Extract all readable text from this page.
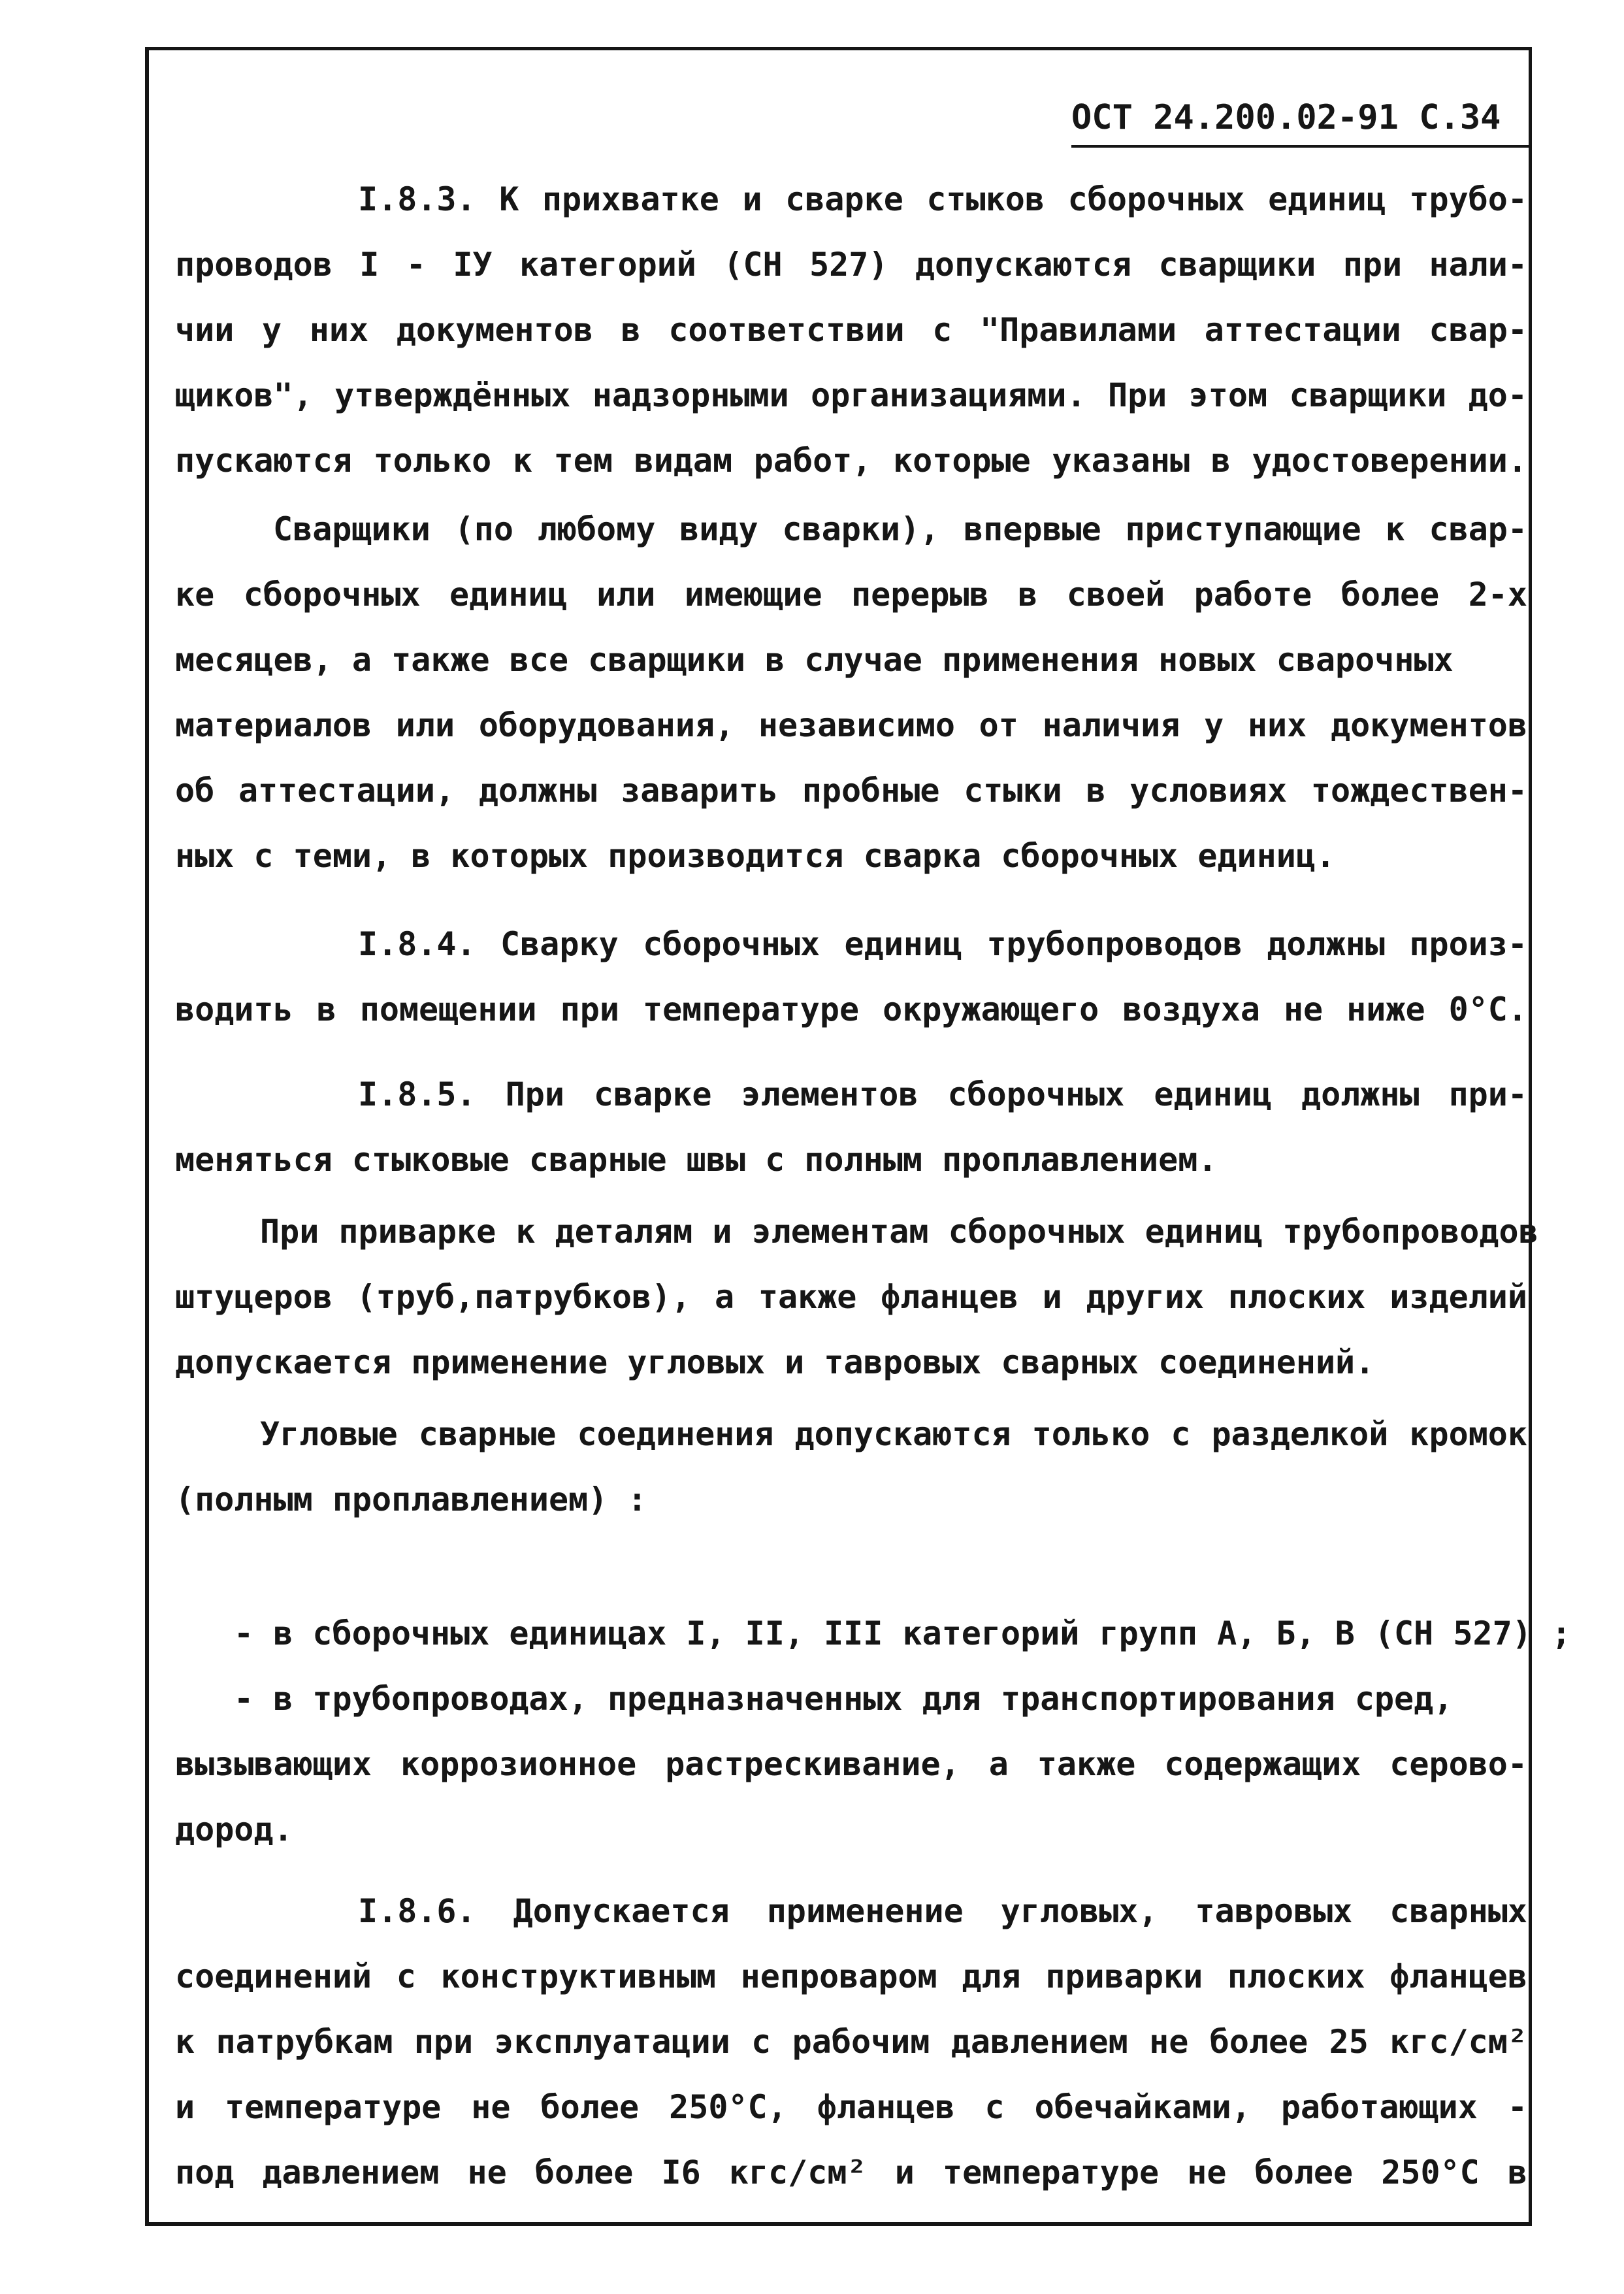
ОСТ 24.200.02-91 С.34
I.8.3. К прихватке и сварке стыков сборочных единиц трубо-
проводов I - IУ категорий (СН 527) допускаются сварщики при нали-
чии у них документов в соответствии с "Правилами аттестации свар-
щиков", утверждённых надзорными организациями. При этом сварщики до-
пускаются только к тем видам работ, которые указаны в удостоверении.
Сварщики (по любому виду сварки), впервые приступающие к свар-
ке сборочных единиц или имеющие перерыв в своей работе более 2-х
месяцев, а также все сварщики в случае применения новых сварочных
материалов или оборудования, независимо от наличия у них документов
об аттестации, должны заварить пробные стыки в условиях тождествен-
ных с теми, в которых производится сварка сборочных единиц.
I.8.4. Сварку сборочных единиц трубопроводов должны произ-
водить в помещении при температуре окружающего воздуха не ниже 0°С.
I.8.5. При сварке элементов сборочных единиц должны при-
меняться стыковые сварные швы с полным проплавлением.
При приварке к деталям и элементам сборочных единиц трубопроводов
штуцеров (труб,патрубков), а также фланцев и других плоских изделий
допускается применение угловых и тавровых сварных соединений.
Угловые сварные соединения допускаются только с разделкой кромок
(полным проплавлением) :
- в сборочных единицах I, II, III категорий групп А, Б, В (СН 527) ;
- в трубопроводах, предназначенных для транспортирования сред,
вызывающих коррозионное растрескивание, а также содержащих серово-
дород.
I.8.6. Допускается применение угловых, тавровых сварных
соединений с конструктивным непроваром для приварки плоских фланцев
к патрубкам при эксплуатации с рабочим давлением не более 25 кгс/см²
и температуре не более 250°С, фланцев с обечайками, работающих -
под давлением не более I6 кгс/см² и температуре не более 250°С в
